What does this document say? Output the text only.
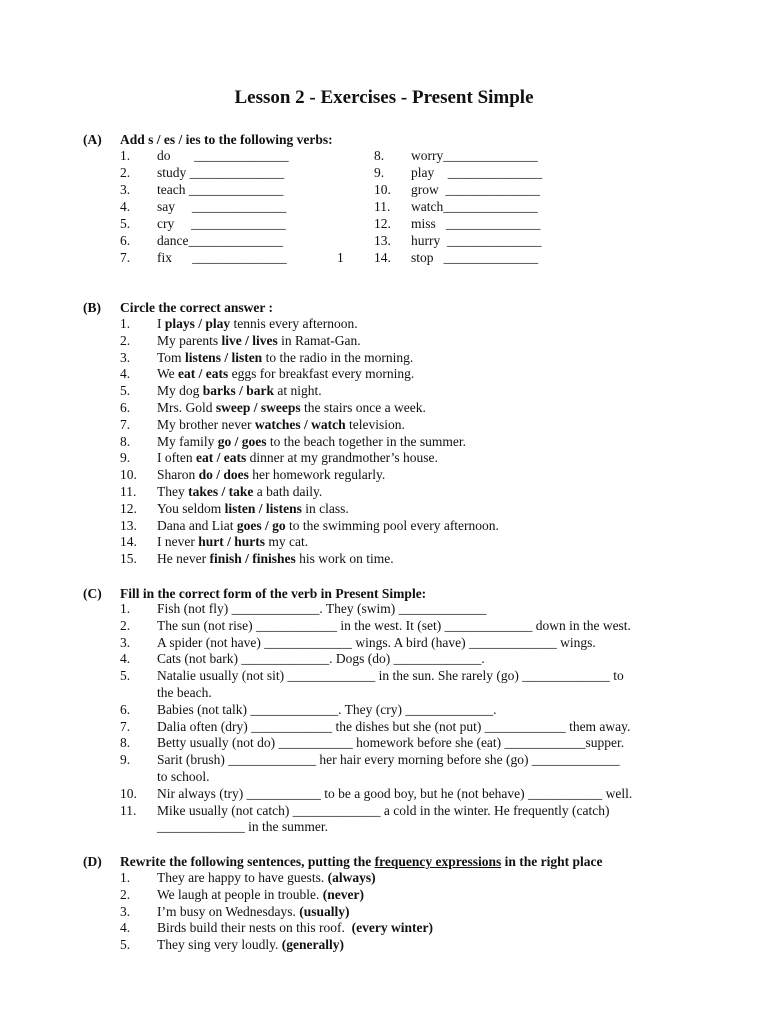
Lesson 2 - Exercises - Present Simple
(A) Add s / es / ies to the following verbs:
1. do       ______________
2. study ______________
3. teach ______________
4. say     ______________
5. cry     ______________
6. dance______________
7. fix      ______________	1
8. worry______________
9. play    ______________
10. grow  ______________
11. watch______________
12. miss   ______________
13. hurry  ______________
14. stop   ______________
(B) Circle the correct answer :
1. I plays / play tennis every afternoon.
2. My parents live / lives in Ramat-Gan.
3. Tom listens / listen to the radio in the morning.
4. We eat / eats eggs for breakfast every morning.
5. My dog barks / bark at night.
6. Mrs. Gold sweep / sweeps the stairs once a week.
7. My brother never watches / watch television.
8. My family go / goes to the beach together in the summer.
9. I often eat / eats dinner at my grandmother’s house.
10. Sharon do / does her homework regularly.
11. They takes / take a bath daily.
12. You seldom listen / listens in class.
13. Dana and Liat goes / go to the swimming pool every afternoon.
14. I never hurt / hurts my cat.
15. He never finish / finishes his work on time.
(C) Fill in the correct form of the verb in Present Simple:
1. Fish (not fly) _____________. They (swim) _____________
2. The sun (not rise) ____________ in the west. It (set) _____________ down in the west.
3. A spider (not have) _____________ wings. A bird (have) _____________ wings.
4. Cats (not bark) _____________. Dogs (do) _____________.
5. Natalie usually (not sit) _____________ in the sun. She rarely (go) _____________ to
the beach.
6. Babies (not talk) _____________. They (cry) _____________.
7. Dalia often (dry) ____________ the dishes but she (not put) ____________ them away.
8. Betty usually (not do) ___________ homework before she (eat) ____________supper.
9. Sarit (brush) _____________ her hair every morning before she (go) _____________
to school.
10. Nir always (try) ___________ to be a good boy, but he (not behave) ___________ well.
11. Mike usually (not catch) _____________ a cold in the winter. He frequently (catch)
_____________ in the summer.
(D) Rewrite the following sentences, putting the frequency expressions in the right place
1. They are happy to have guests. (always)
2. We laugh at people in trouble. (never)
3. I’m busy on Wednesdays. (usually)
4. Birds build their nests on this roof.  (every winter)
5. They sing very loudly. (generally)
